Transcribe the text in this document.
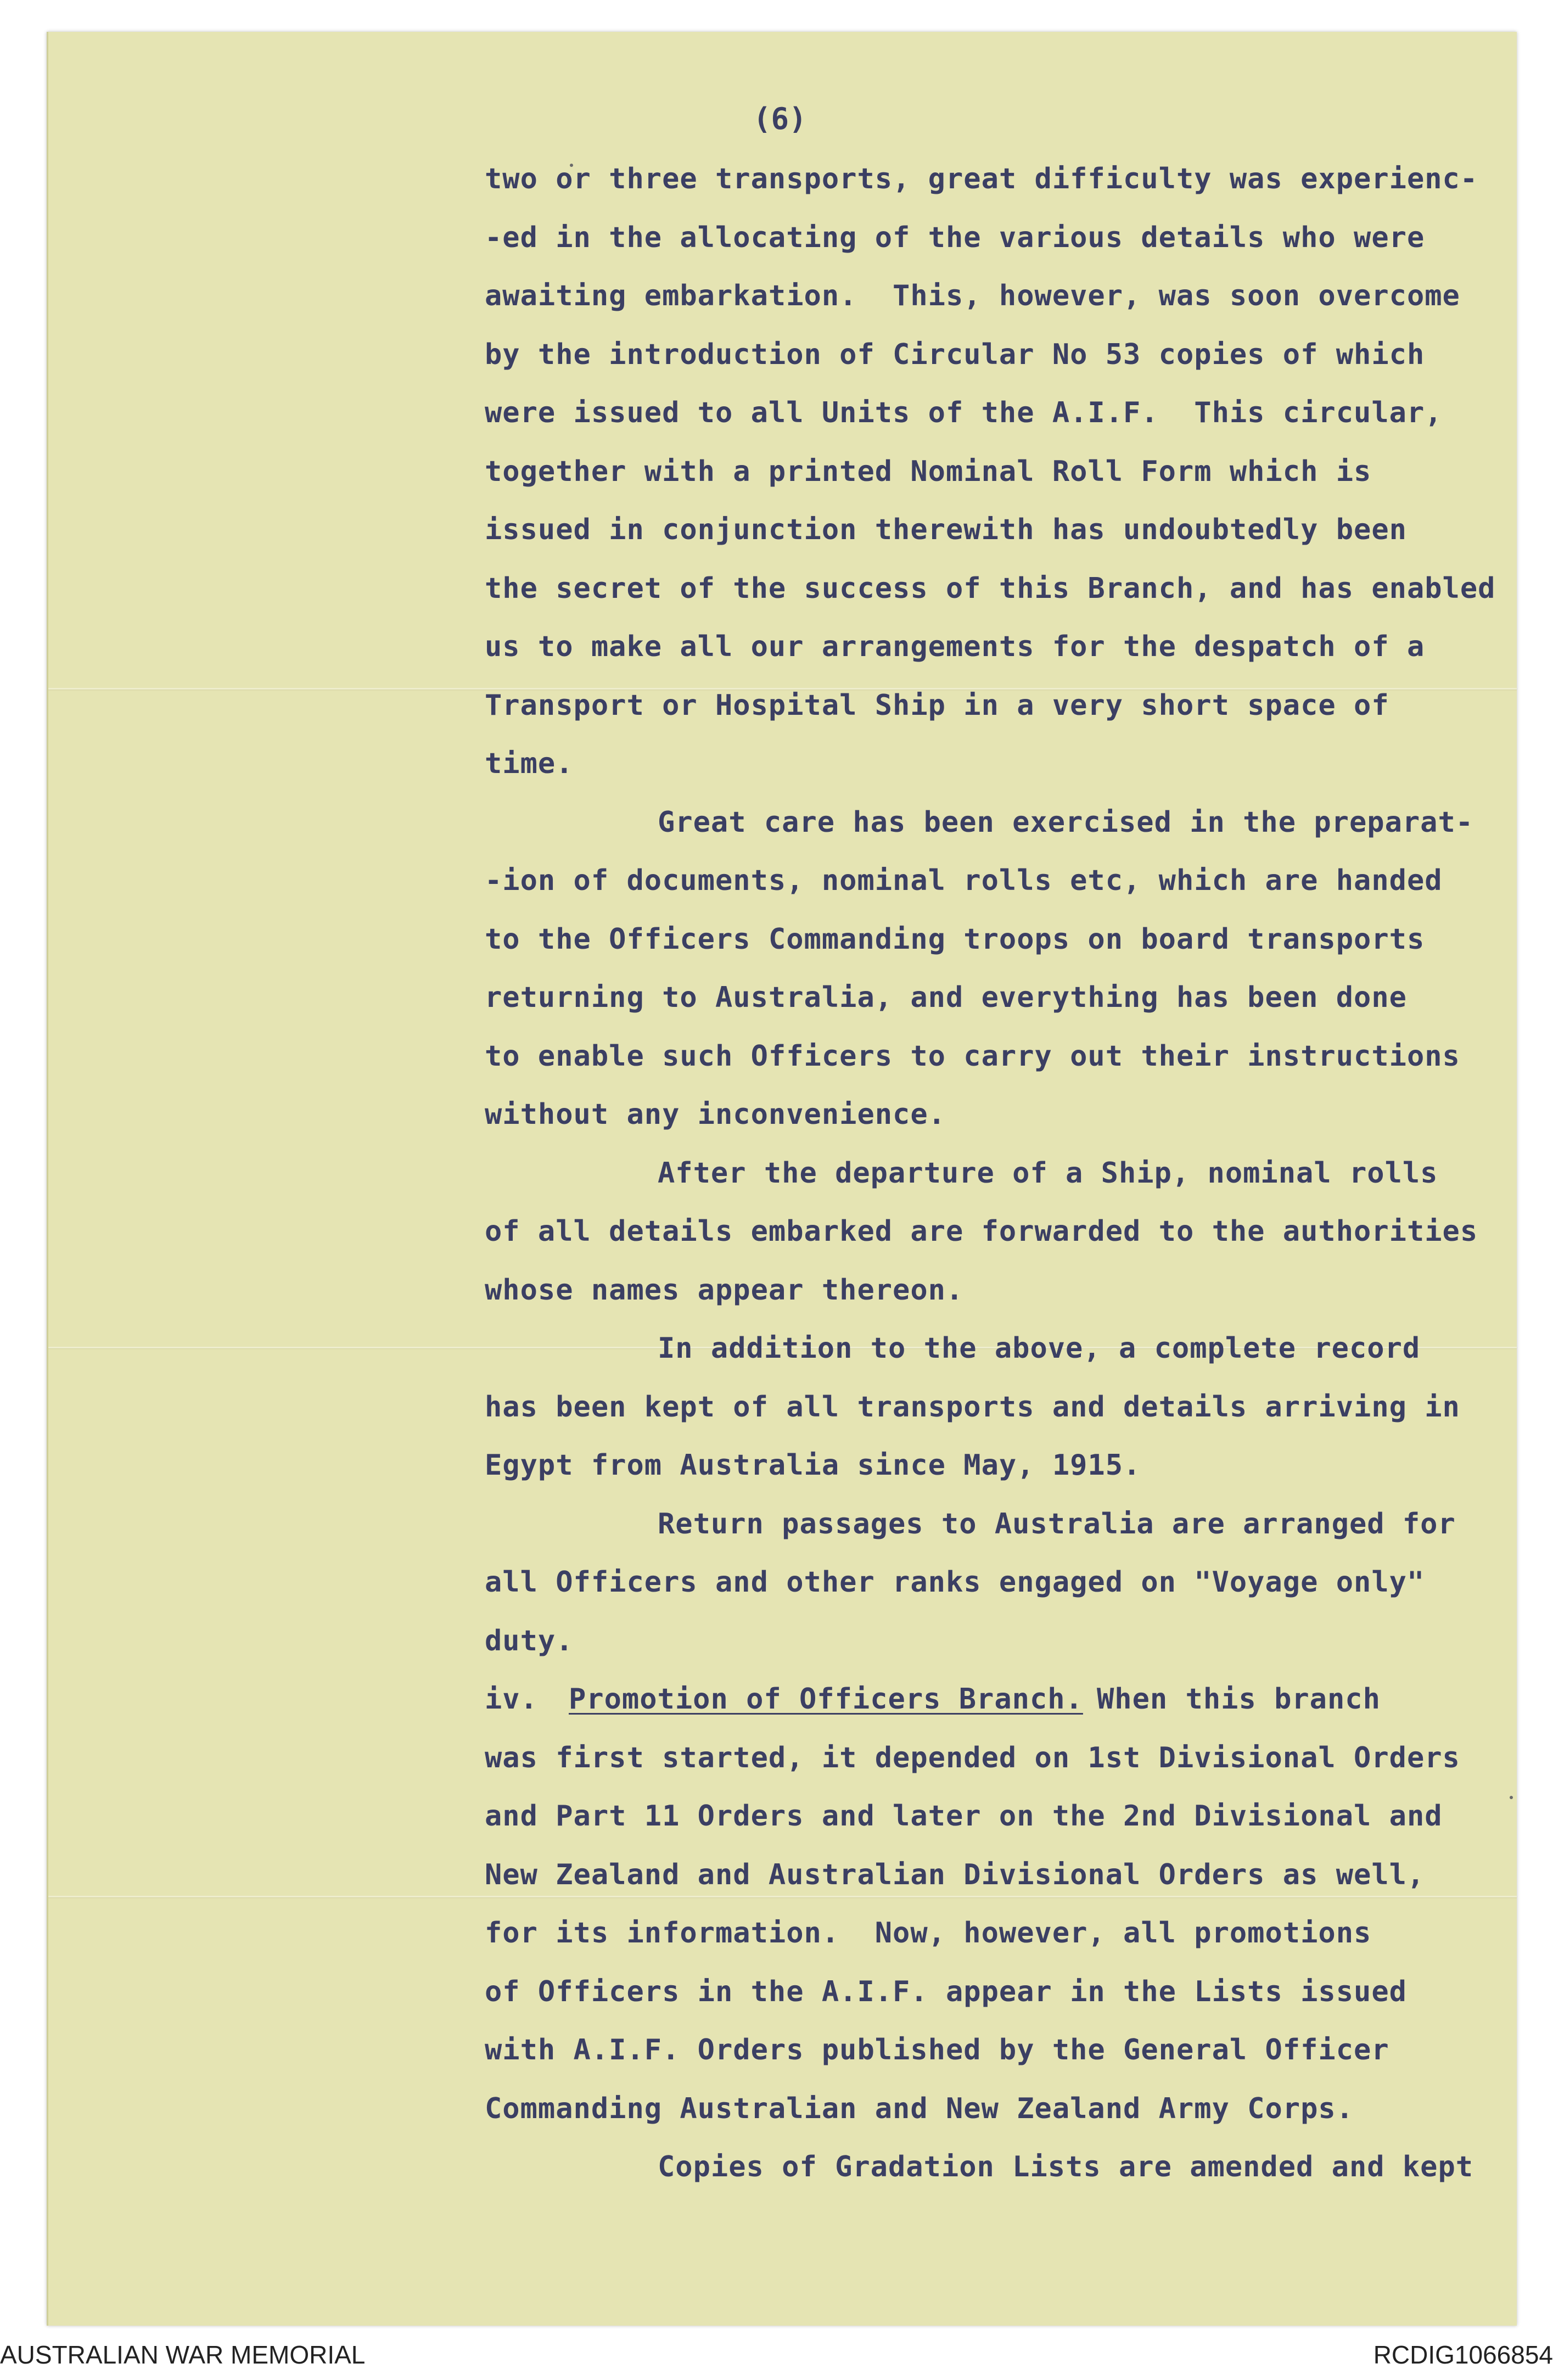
(6)
two or three transports, great difficulty was experienc-
-ed in the allocating of the various details who were
awaiting embarkation.  This, however, was soon overcome
by the introduction of Circular No 53 copies of which
were issued to all Units of the A.I.F.  This circular,
together with a printed Nominal Roll Form which is
issued in conjunction therewith has undoubtedly been
the secret of the success of this Branch, and has enabled
us to make all our arrangements for the despatch of a
Transport or Hospital Ship in a very short space of
time.
Great care has been exercised in the preparat-
-ion of documents, nominal rolls etc, which are handed
to the Officers Commanding troops on board transports
returning to Australia, and everything has been done
to enable such Officers to carry out their instructions
without any inconvenience.
After the departure of a Ship, nominal rolls
of all details embarked are forwarded to the authorities
whose names appear thereon.
In addition to the above, a complete record
has been kept of all transports and details arriving in
Egypt from Australia since May, 1915.
Return passages to Australia are arranged for
all Officers and other ranks engaged on "Voyage only"
duty.
iv. Promotion of Officers Branch. When this branch
was first started, it depended on 1st Divisional Orders
and Part 11 Orders and later on the 2nd Divisional and
New Zealand and Australian Divisional Orders as well,
for its information.  Now, however, all promotions
of Officers in the A.I.F. appear in the Lists issued
with A.I.F. Orders published by the General Officer
Commanding Australian and New Zealand Army Corps.
Copies of Gradation Lists are amended and kept
AUSTRALIAN WAR MEMORIAL	RCDIG1066854
